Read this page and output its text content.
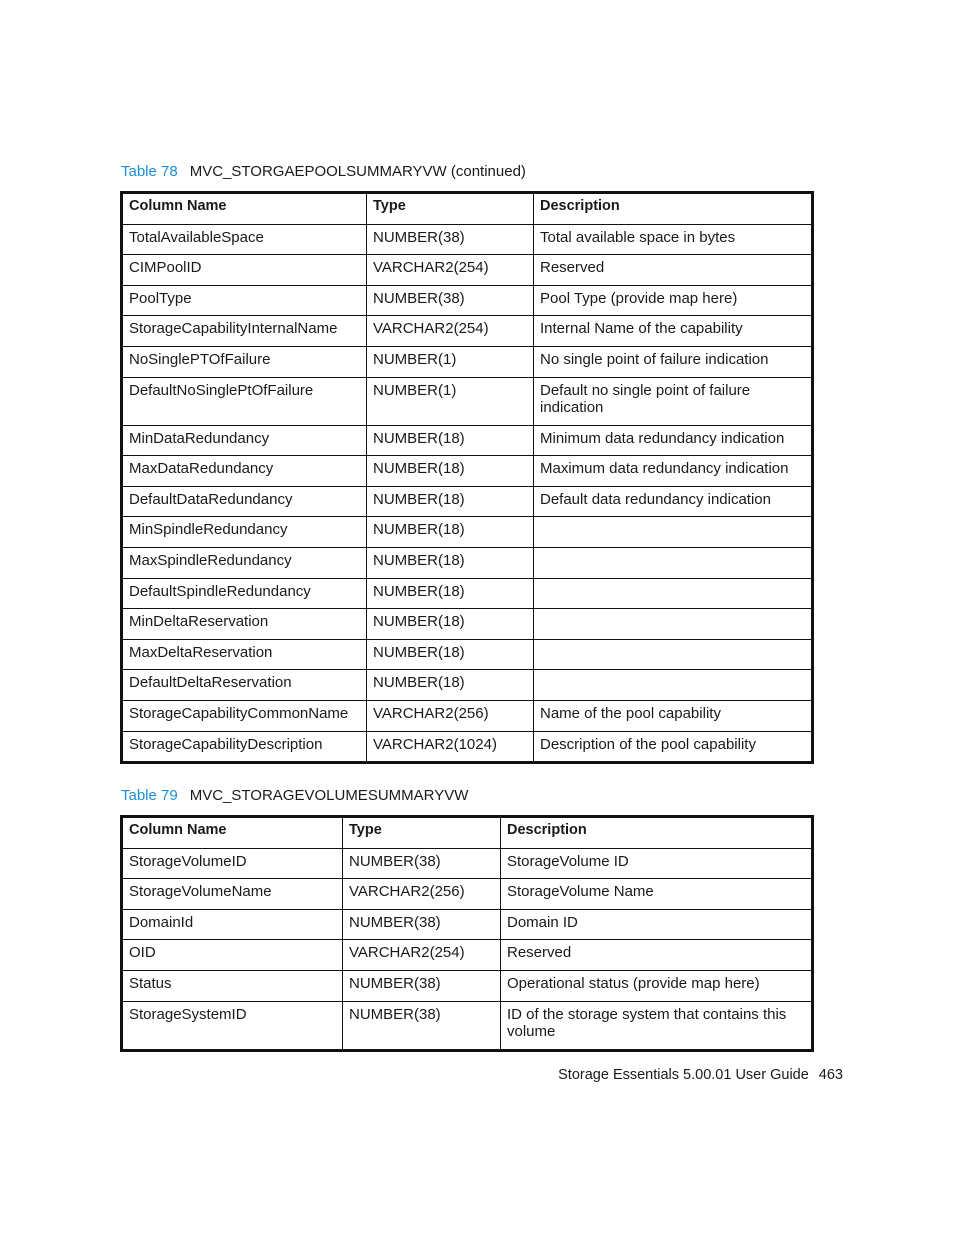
Table 78 MVC_STORGAEPOOLSUMMARYVW (continued)
Column Name	Type	Description
TotalAvailableSpace	NUMBER(38)	Total available space in bytes
CIMPoolID	VARCHAR2(254)	Reserved
PoolType	NUMBER(38)	Pool Type (provide map here)
StorageCapabilityInternalName	VARCHAR2(254)	Internal Name of the capability
NoSinglePTOfFailure	NUMBER(1)	No single point of failure indication
DefaultNoSinglePtOfFailure	NUMBER(1)	Default no single point of failure indication
MinDataRedundancy	NUMBER(18)	Minimum data redundancy indication
MaxDataRedundancy	NUMBER(18)	Maximum data redundancy indication
DefaultDataRedundancy	NUMBER(18)	Default data redundancy indication
MinSpindleRedundancy	NUMBER(18)	
MaxSpindleRedundancy	NUMBER(18)	
DefaultSpindleRedundancy	NUMBER(18)	
MinDeltaReservation	NUMBER(18)	
MaxDeltaReservation	NUMBER(18)	
DefaultDeltaReservation	NUMBER(18)	
StorageCapabilityCommonName	VARCHAR2(256)	Name of the pool capability
StorageCapabilityDescription	VARCHAR2(1024)	Description of the pool capability
Table 79 MVC_STORAGEVOLUMESUMMARYVW
Column Name	Type	Description
StorageVolumeID	NUMBER(38)	StorageVolume ID
StorageVolumeName	VARCHAR2(256)	StorageVolume Name
DomainId	NUMBER(38)	Domain ID
OID	VARCHAR2(254)	Reserved
Status	NUMBER(38)	Operational status (provide map here)
StorageSystemID	NUMBER(38)	ID of the storage system that contains this volume
Storage Essentials 5.00.01 User Guide 463
